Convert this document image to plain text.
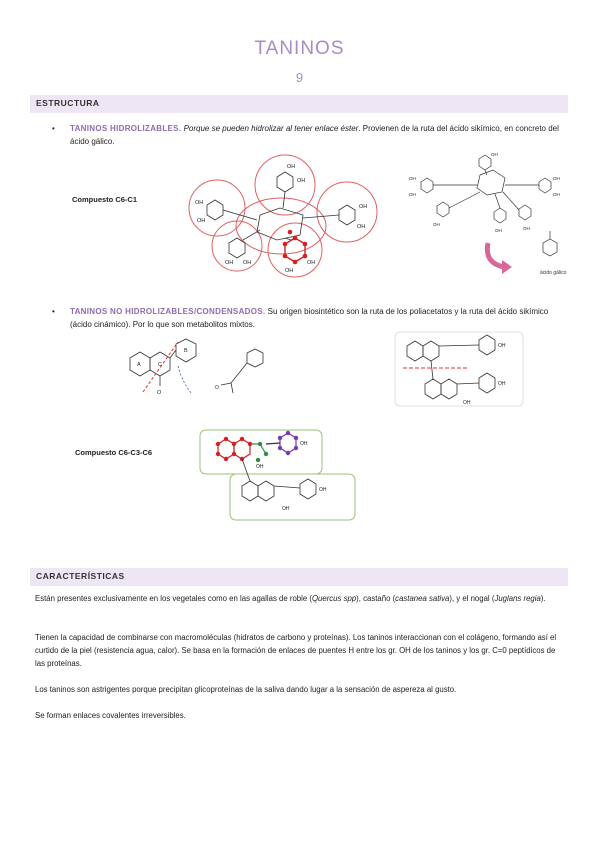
TANINOS
9
ESTRUCTURA
• TANINOS HIDROLIZABLES. Porque se pueden hidrolizar al tener enlace éster. Provienen de la ruta del ácido sikímico, en concreto del ácido gálico.
Compuesto C6-C1
OH
OH
OH
OH
OH
OH
OH OH
OH
OH
OH
OH
OH
OH
OH
OH
OH	OH
ácido gálico
• TANINOS NO HIDROLIZABLES/CONDENSADOS. Su origen biosintético son la ruta de los poliacetatos y la ruta del ácido sikímico (ácido cinámico). Por lo que son metabolitos mixtos.
A	C
B
O
O
OH
OH
OH
Compuesto C6-C3-C6
OH
OH
OH
OH
CARACTERÍSTICAS
Están presentes exclusivamente en los vegetales como en las agallas de roble (Quercus spp), castaño (castanea sativa), y el nogal (Juglans regia).
Tienen la capacidad de combinarse con macromoléculas (hidratos de carbono y proteínas). Los taninos interaccionan con el colágeno, formando así el curtido de la piel (resistencia agua, calor). Se basa en la formación de enlaces de puentes H entre los gr. OH de los taninos y los gr. C=0 peptídicos de las proteínas.
Los taninos son astrigentes porque precipitan glicoproteínas de la saliva dando lugar a la sensación de aspereza al gusto.
Se forman enlaces covalentes irreversibles.
